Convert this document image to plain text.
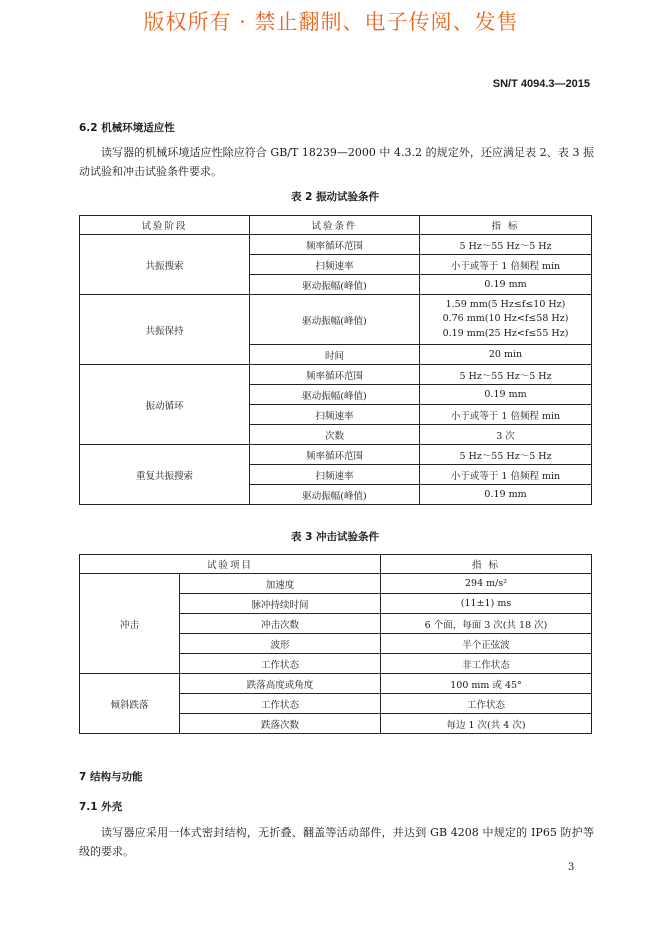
版权所有 · 禁止翻制、电子传阅、发售
SN/T 4094.3—2015
6.2 机械环境适应性
读写器的机械环境适应性除应符合 GB/T 18239—2000 中 4.3.2 的规定外，还应满足表 2、表 3 振动试验和冲击试验条件要求。
表 2 振动试验条件
试验阶段	试验条件	指 标
共振搜索	频率循环范围	5 Hz～55 Hz～5 Hz

	扫频速率	小于或等于 1 倍频程 min

	驱动振幅(峰值)	0.19 mm

共振保持	驱动振幅(峰值)	1.59 mm(5 Hz≤f≤10 Hz)
0.76 mm(10 Hz<f≤58 Hz)
0.19 mm(25 Hz<f≤55 Hz)

	时间	20 min

振动循环	频率循环范围	5 Hz～55 Hz～5 Hz

	驱动振幅(峰值)	0.19 mm

	扫频速率	小于或等于 1 倍频程 min

	次数	3 次

重复共振搜索	频率循环范围	5 Hz～55 Hz～5 Hz

	扫频速率	小于或等于 1 倍频程 min

	驱动振幅(峰值)	0.19 mm
表 3 冲击试验条件
试验项目		指 标
冲击	加速度	294 m/s²
	脉冲持续时间	(11±1) ms
	冲击次数	6 个面，每面 3 次(共 18 次)
	波形	半个正弦波
	工作状态	非工作状态
倾斜跌落	跌落高度或角度	100 mm 或 45°
	工作状态	工作状态
	跌落次数	每边 1 次(共 4 次)
7 结构与功能
7.1 外壳
读写器应采用一体式密封结构，无折叠、翻盖等活动部件，并达到 GB 4208 中规定的 IP65 防护等级的要求。
3
